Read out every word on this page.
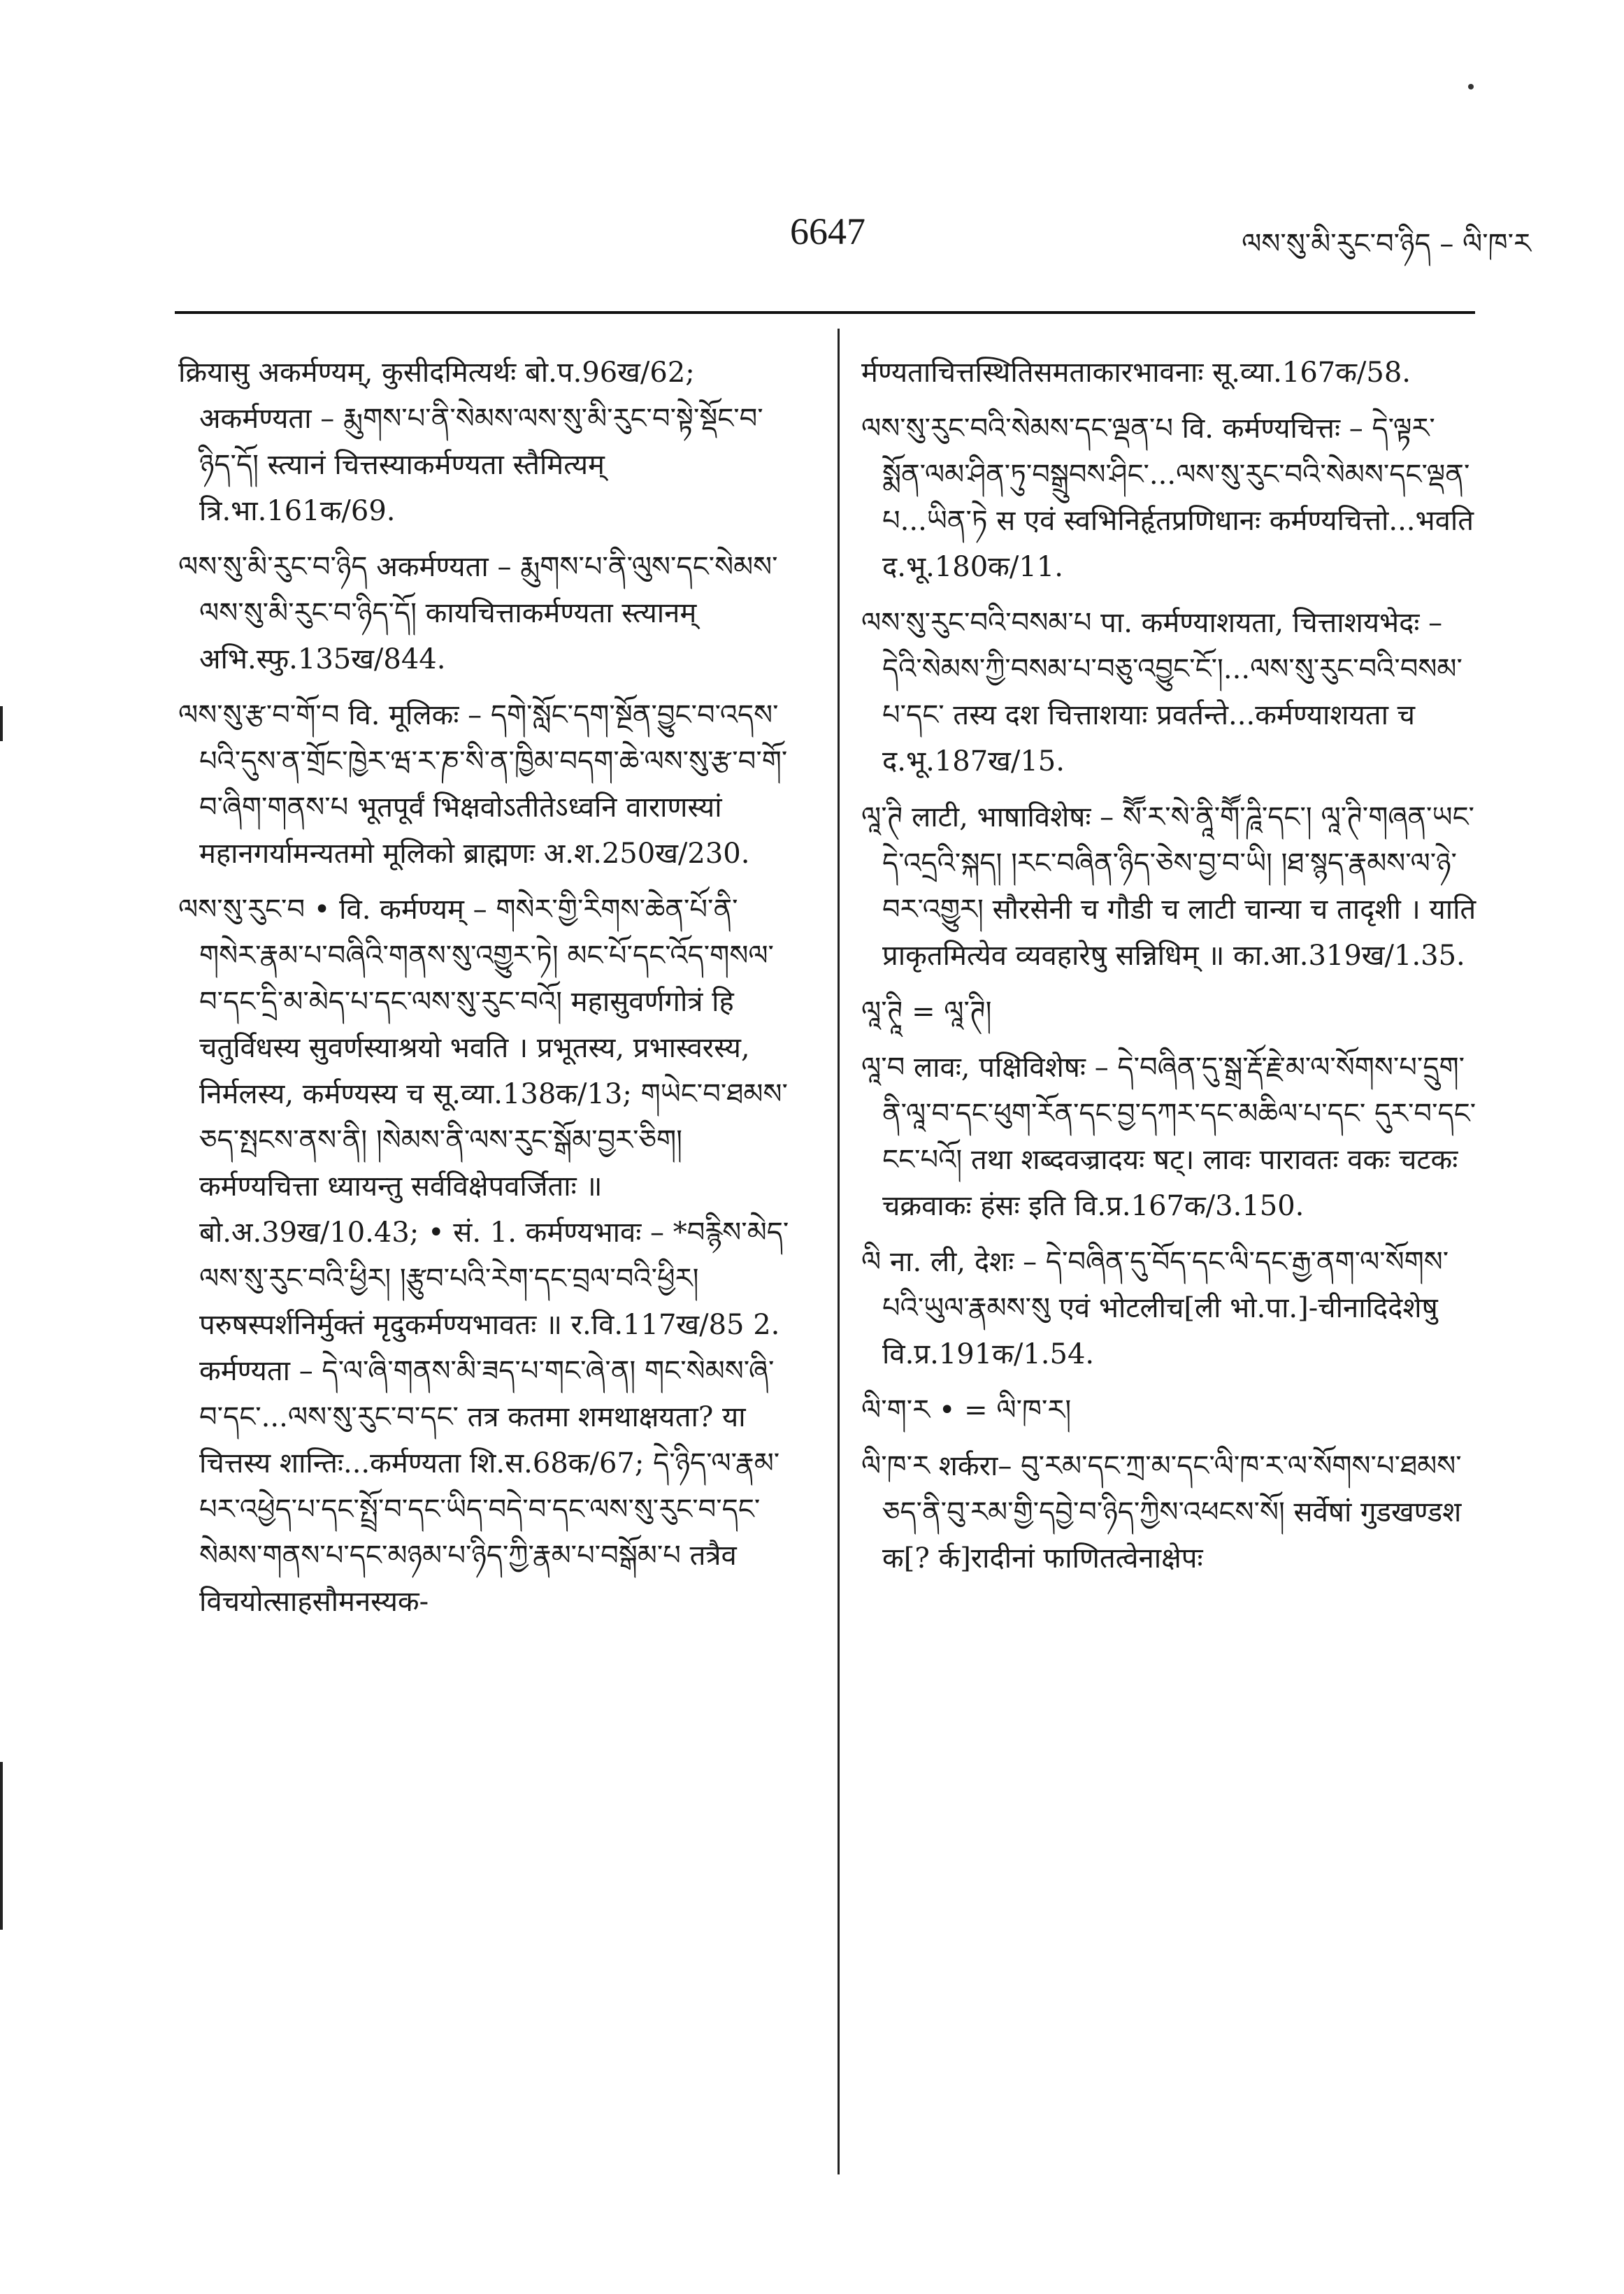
6647	ལས་སུ་མི་རུང་བ་ཉིད – ལི་ཁ་ར

क्रियासु अकर्मण्यम्, कुसीदमित्यर्थः बो.प.96ख/62; अकर्मण्यता – རྨུགས་པ་ནི་སེམས་ལས་སུ་མི་རུང་བ་སྟེ་སྡོང་བ་ཉིད་དོ། स्त्यानं चित्तस्याकर्मण्यता स्तैमित्यम् त्रि.भा.161क/69.

ལས་སུ་མི་རུང་བ་ཉིད अकर्मण्यता – རྨུགས་པ་ནི་ལུས་དང་སེམས་ལས་སུ་མི་རུང་བ་ཉིད་དོ། कायचित्ताकर्मण्यता स्त्यानम् अभि.स्फु.135ख/844.

ལས་སུ་རྩ་བ་གོ་བ वि. मूलिकः – དགེ་སློང་དག་སྔོན་བྱུང་བ་འདས་པའི་དུས་ན་གྲོང་ཁྱེར་ཝ་ར་ཎ་སི་ན་ཁྱིམ་བདག་ཆེ་ལས་སུ་རྩ་བ་གོ་བ་ཞིག་གནས་པ भूतपूर्वं भिक्षवोऽतीतेऽध्वनि वाराणस्यां महानगर्यामन्यतमो मूलिको ब्राह्मणः अ.श.250ख/230.

ལས་སུ་རུང་བ • वि. कर्मण्यम् – གསེར་གྱི་རིགས་ཆེན་པོ་ནི་གསེར་རྣམ་པ་བཞིའི་གནས་སུ་འགྱུར་ཏེ། མང་པོ་དང་འོད་གསལ་བ་དང་དྲི་མ་མེད་པ་དང་ལས་སུ་རུང་བའོ། महासुवर्णगोत्रं हि चतुर्विधस्य सुवर्णस्याश्रयो भवति । प्रभूतस्य, प्रभास्वरस्य, निर्मलस्य, कर्मण्यस्य च सू.व्या.138क/13; གཡེང་བ་ཐམས་ཅད་སྤངས་ནས་ནི། །སེམས་ནི་ལས་རུང་སྒོམ་བྱར་ཅིག། कर्मण्यचित्ता ध्यायन्तु सर्वविक्षेपवर्जिताः ॥ बो.अ.39ख/10.43; • सं. 1. कर्मण्यभावः – *བརྙིས་མེད་ལས་སུ་རུང་བའི་ཕྱིར། །རྩུབ་པའི་རེག་དང་བྲལ་བའི་ཕྱིར། परुषस्पर्शनिर्मुक्तं मृदुकर्मण्यभावतः ॥ र.वि.117ख/85 2. कर्मण्यता – དེ་ལ་ཞི་གནས་མི་ཟད་པ་གང་ཞེ་ན། གང་སེམས་ཞི་བ་དང་...ལས་སུ་རུང་བ་དང་ तत्र कतमा शमथाक्षयता? या चित्तस्य शान्तिः...कर्मण्यता शि.स.68क/67; དེ་ཉིད་ལ་རྣམ་པར་འཕྱེད་པ་དང་སྤྲོ་བ་དང་ཡིད་བདེ་བ་དང་ལས་སུ་རུང་བ་དང་སེམས་གནས་པ་དང་མཉམ་པ་ཉིད་ཀྱི་རྣམ་པ་བསྒོམ་པ तत्रैव विचयोत्साहसौमनस्यक-

र्मण्यताचित्तस्थितिसमताकारभावनाः सू.व्या.167क/58.

ལས་སུ་རུང་བའི་སེམས་དང་ལྡན་པ वि. कर्मण्यचित्तः – དེ་ལྟར་སྨོན་ལམ་ཤིན་ཏུ་བསྒྲུབས་ཤིང་...ལས་སུ་རུང་བའི་སེམས་དང་ལྡན་པ...ཡིན་ཏེ स एवं स्वभिनिर्हृतप्रणिधानः कर्मण्यचित्तो...भवति द.भू.180क/11.

ལས་སུ་རུང་བའི་བསམ་པ पा. कर्मण्याशयता, चित्ताशयभेदः – དེའི་སེམས་ཀྱི་བསམ་པ་བཅུ་འབྱུང་ངོ་།...ལས་སུ་རུང་བའི་བསམ་པ་དང་ तस्य दश चित्ताशयाः प्रवर्तन्ते...कर्मण्याशयता च द.भू.187ख/15.

ལཱ་ཊི लाटी, भाषाविशेषः – སཽ་ར་སེ་ནཱི་གཽ་ཌཱི་དང་། ལཱ་ཊི་གཞན་ཡང་དེ་འདྲའི་སྐད། །རང་བཞིན་ཉིད་ཅེས་བྱ་བ་ཡི། །ཐ་སྙད་རྣམས་ལ་ཉེ་བར་འགྱུར། सौरसेनी च गौडी च लाटी चान्या च तादृशी । याति प्राकृतमित्येव व्यवहारेषु सन्निधिम् ॥ का.आ.319ख/1.35.

ལཱ་ཊཱི = ལཱ་ཊི།

ལཱ་བ लावः, पक्षिविशेषः – དེ་བཞིན་དུ་སྒྲ་རྡོ་རྗེ་མ་ལ་སོགས་པ་དྲུག་ནི་ལཱ་བ་དང་ཕུག་རོན་དང་བྱ་དཀར་དང་མཆིལ་པ་དང་ དུར་བ་དང་ངང་པའོ། तथा शब्दवज्रादयः षट्। लावः पारावतः वकः चटकः चक्रवाकः हंसः इति वि.प्र.167क/3.150.

ལི ना. ली, देशः – དེ་བཞིན་དུ་བོད་དང་ལི་དང་རྒྱ་ནག་ལ་སོགས་པའི་ཡུལ་རྣམས་སུ एवं भोटलीच[ली भो.पा.]-चीनादिदेशेषु वि.प्र.191क/1.54.

ལི་ག་ར • = ལི་ཁ་ར།

ལི་ཁ་ར शर्करा– བུ་རམ་དང་ཀྲ་མ་དང་ལི་ཁ་ར་ལ་སོགས་པ་ཐམས་ཅད་ནི་བུ་རམ་གྱི་དབྱེ་བ་ཉིད་ཀྱིས་འཕངས་སོ། सर्वेषां गुडखण्डश क[? र्क]रादीनां फाणितत्वेनाक्षेपः
